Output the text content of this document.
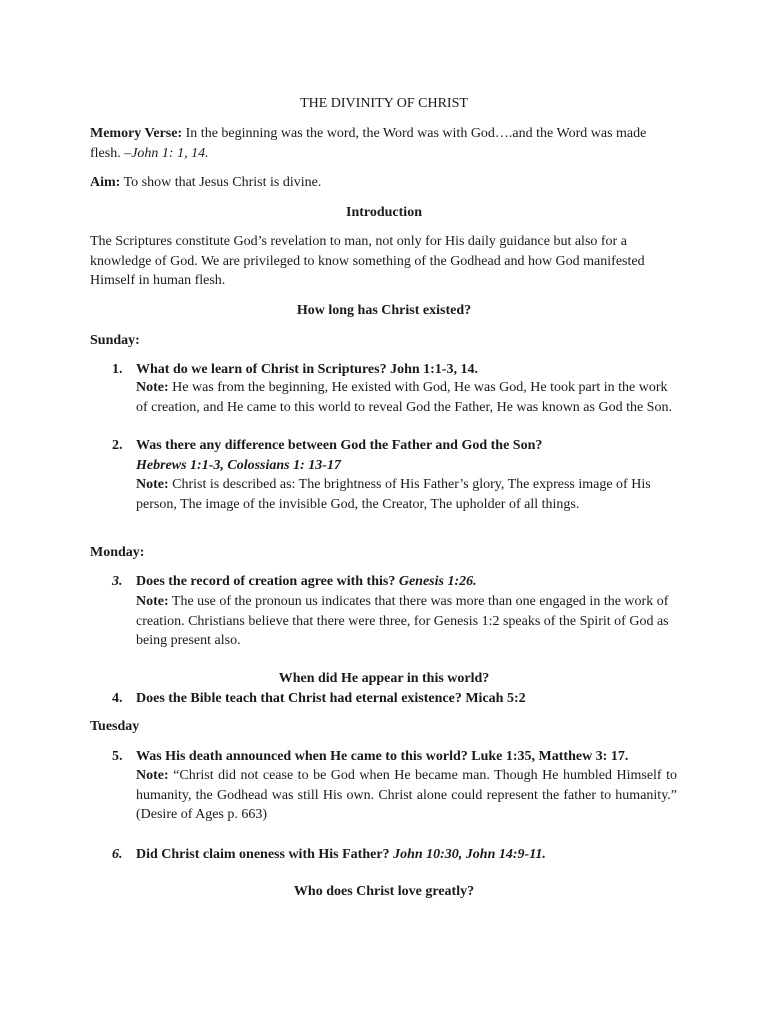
THE DIVINITY OF CHRIST
Memory Verse: In the beginning was the word, the Word was with God….and the Word was made flesh. –John 1: 1, 14.
Aim: To show that Jesus Christ is divine.
Introduction
The Scriptures constitute God’s revelation to man, not only for His daily guidance but also for a knowledge of God. We are privileged to know something of the Godhead and how God manifested Himself in human flesh.
How long has Christ existed?
Sunday:
1. What do we learn of Christ in Scriptures? John 1:1-3, 14.
Note: He was from the beginning, He existed with God, He was God, He took part in the work of creation, and He came to this world to reveal God the Father, He was known as God the Son.
2. Was there any difference between God the Father and God the Son?
Hebrews 1:1-3, Colossians 1: 13-17
Note: Christ is described as: The brightness of His Father’s glory, The express image of His person, The image of the invisible God, the Creator, The upholder of all things.
Monday:
3. Does the record of creation agree with this? Genesis 1:26.
Note: The use of the pronoun us indicates that there was more than one engaged in the work of creation. Christians believe that there were three, for Genesis 1:2 speaks of the Spirit of God as being present also.
When did He appear in this world?
4. Does the Bible teach that Christ had eternal existence? Micah 5:2
Tuesday
5. Was His death announced when He came to this world? Luke 1:35, Matthew 3: 17.
Note: “Christ did not cease to be God when He became man. Though He humbled Himself to humanity, the Godhead was still His own. Christ alone could represent the father to humanity.” (Desire of Ages p. 663)
6. Did Christ claim oneness with His Father? John 10:30, John 14:9-11.
Who does Christ love greatly?
